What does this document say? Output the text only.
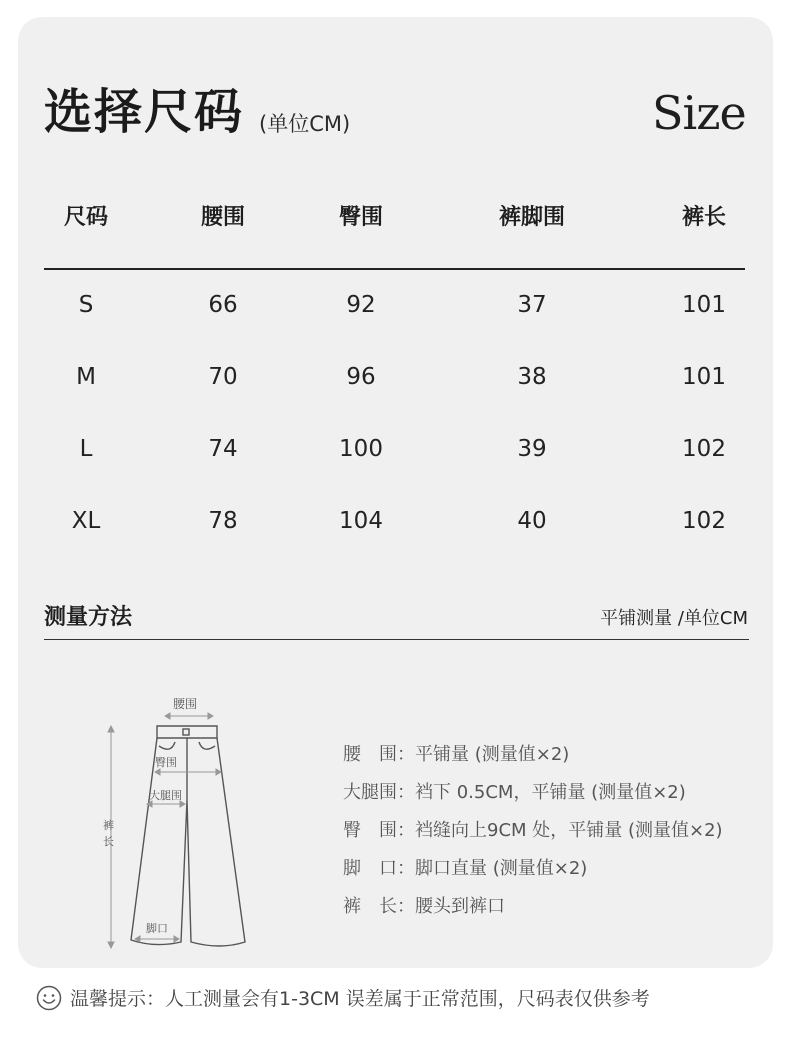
选择尺码 (单位CM)	Size
尺码	腰围	臀围	裤脚围	裤长
S	66	92	37	101
M	70	96	38	101
L	74	100	39	102
XL	78	104	40	102
测量方法	平铺测量 /单位CM
腰围
臀围
大腿围
裤长
脚口
腰　围：平铺量 (测量值×2)
大腿围：裆下 0.5CM，平铺量 (测量值×2)
臀　围：裆缝向上9CM 处，平铺量 (测量值×2)
脚　口：脚口直量 (测量值×2)
裤　长：腰头到裤口
温馨提示：人工测量会有1-3CM 误差属于正常范围，尺码表仅供参考
